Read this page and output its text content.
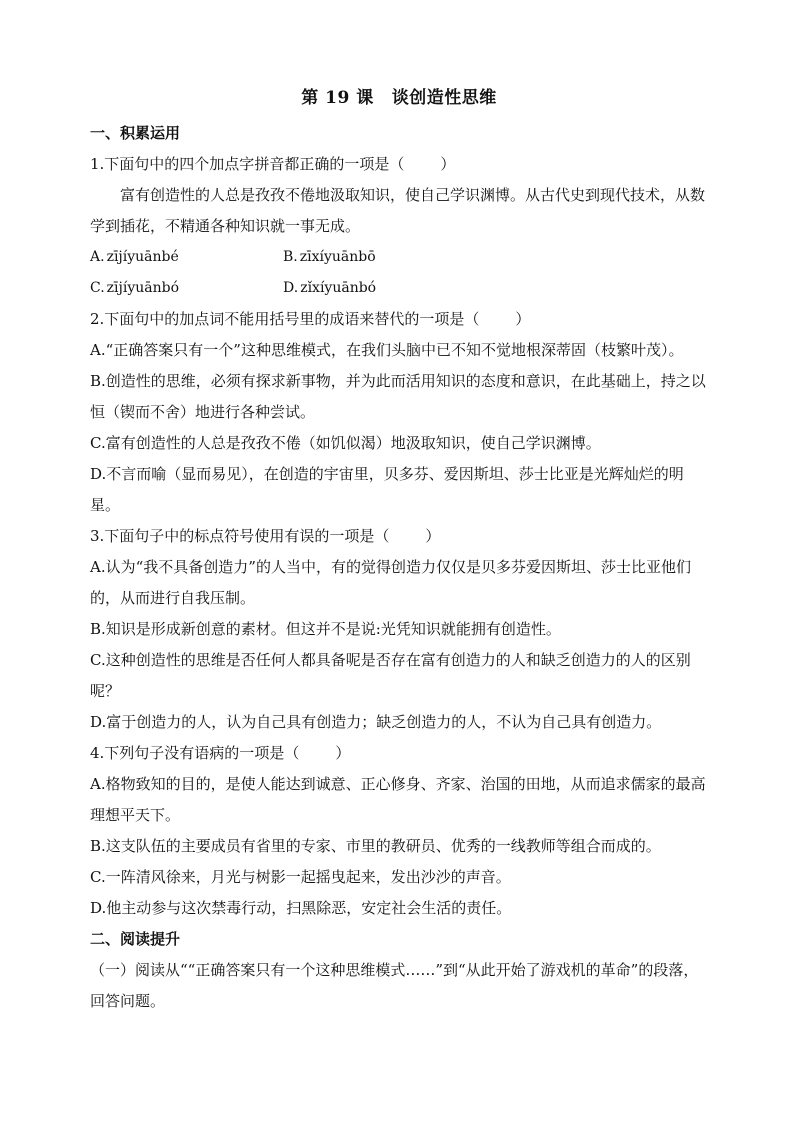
第 19 课 谈创造性思维

一、积累运用

1.下面句中的四个加点字拼音都正确的一项是（ ）

富有创造性的人总是孜孜不倦地汲取知识，使自己学识渊博。从古代史到现代技术，从数学到插花，不精通各种知识就一事无成。

A. zī jí yuān bé	B. zī xí yuān bō
C. zī jí yuān bó	D. zǐ xí yuān bó

2.下面句中的加点词不能用括号里的成语来替代的一项是（ ）

A.“正确答案只有一个”这种思维模式，在我们头脑中已不知不觉地根深蒂固（枝繁叶茂）。

B.创造性的思维，必须有探求新事物，并为此而活用知识的态度和意识，在此基础上，持之以恒（锲而不舍）地进行各种尝试。

C.富有创造性的人总是孜孜不倦（如饥似渴）地汲取知识，使自己学识渊博。

D.不言而喻（显而易见），在创造的宇宙里，贝多芬、爱因斯坦、莎士比亚是光辉灿烂的明星。

3.下面句子中的标点符号使用有误的一项是（ ）

A.认为“我不具备创造力”的人当中，有的觉得创造力仅仅是贝多芬爱因斯坦、莎士比亚他们的，从而进行自我压制。

B.知识是形成新创意的素材。但这并不是说:光凭知识就能拥有创造性。

C.这种创造性的思维是否任何人都具备呢是否存在富有创造力的人和缺乏创造力的人的区别呢？

D.富于创造力的人，认为自己具有创造力；缺乏创造力的人，不认为自己具有创造力。

4.下列句子没有语病的一项是（ ）

A.格物致知的目的，是使人能达到诚意、正心修身、齐家、治国的田地，从而追求儒家的最高理想平天下。

B.这支队伍的主要成员有省里的专家、市里的教研员、优秀的一线教师等组合而成的。

C.一阵清风徐来，月光与树影一起摇曳起来，发出沙沙的声音。

D.他主动参与这次禁毒行动，扫黑除恶，安定社会生活的责任。

二、阅读提升

（一）阅读从““正确答案只有一个这种思维模式……”到“从此开始了游戏机的革命”的段落，回答问题。
